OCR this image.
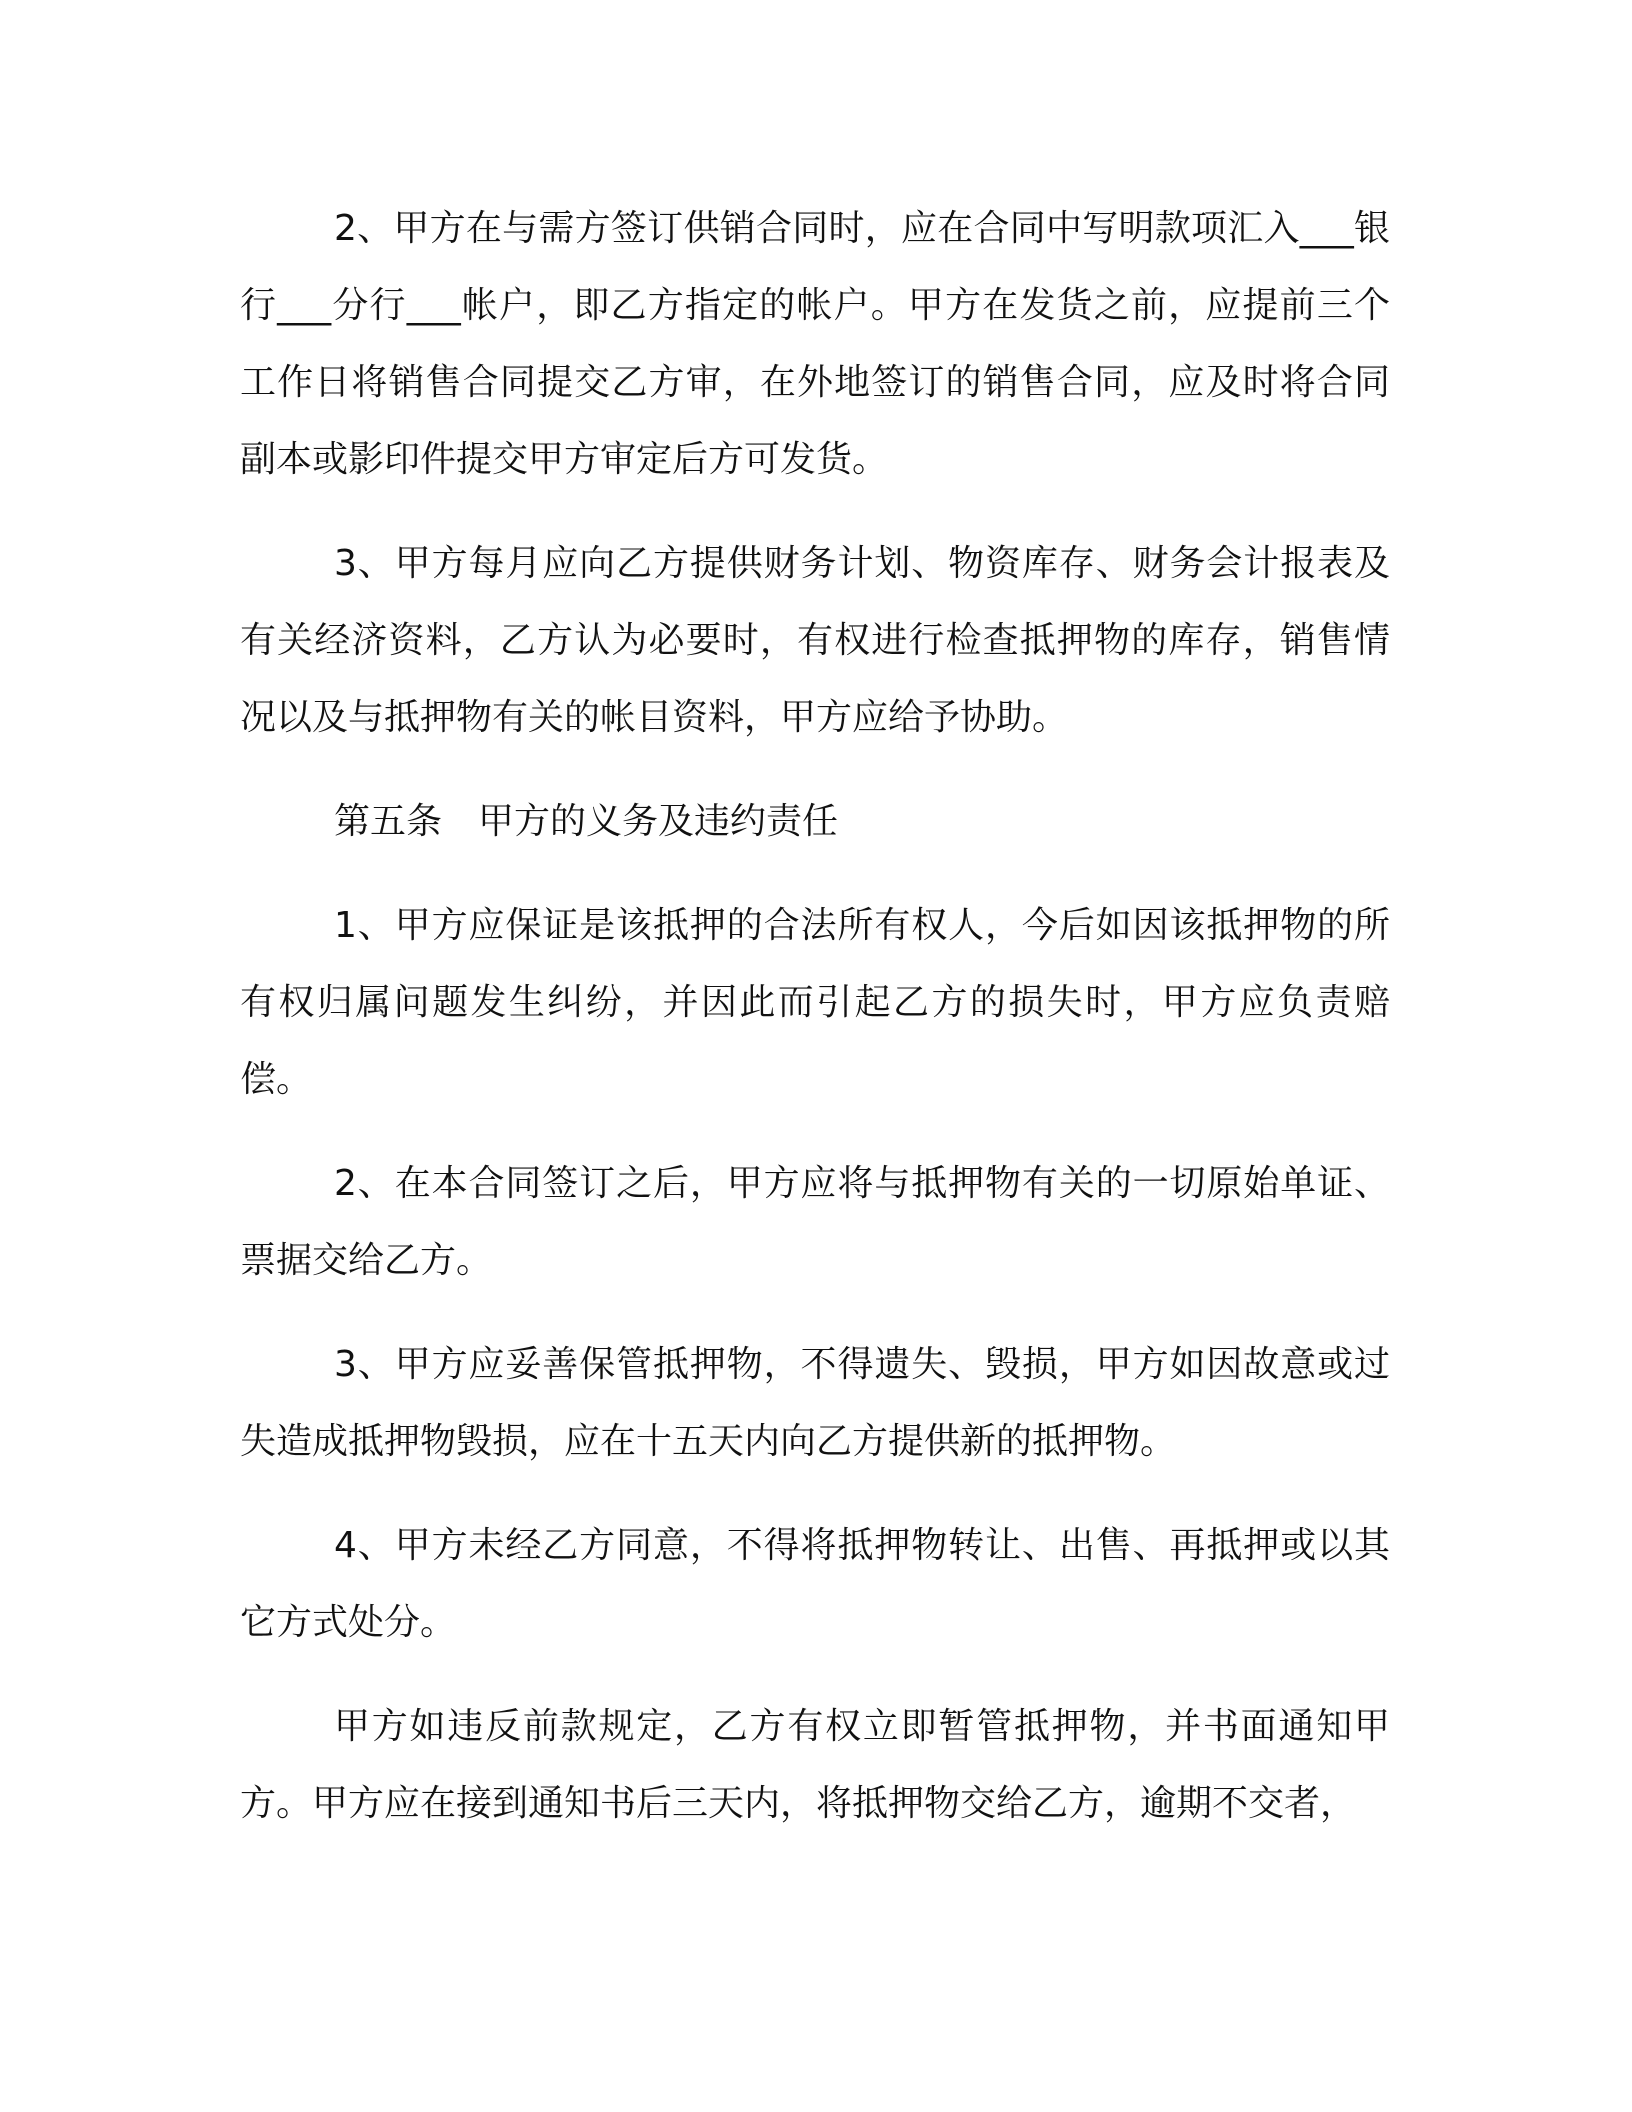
2、甲方在与需方签订供销合同时，应在合同中写明款项汇入___银行___分行___帐户，即乙方指定的帐户。甲方在发货之前，应提前三个工作日将销售合同提交乙方审，在外地签订的销售合同，应及时将合同副本或影印件提交甲方审定后方可发货。

3、甲方每月应向乙方提供财务计划、物资库存、财务会计报表及有关经济资料，乙方认为必要时，有权进行检查抵押物的库存，销售情况以及与抵押物有关的帐目资料，甲方应给予协助。

第五条　甲方的义务及违约责任

1、甲方应保证是该抵押的合法所有权人，今后如因该抵押物的所有权归属问题发生纠纷，并因此而引起乙方的损失时，甲方应负责赔偿。

2、在本合同签订之后，甲方应将与抵押物有关的一切原始单证、票据交给乙方。

3、甲方应妥善保管抵押物，不得遗失、毁损，甲方如因故意或过失造成抵押物毁损，应在十五天内向乙方提供新的抵押物。

4、甲方未经乙方同意，不得将抵押物转让、出售、再抵押或以其它方式处分。

甲方如违反前款规定，乙方有权立即暂管抵押物，并书面通知甲方。甲方应在接到通知书后三天内，将抵押物交给乙方，逾期不交者，
